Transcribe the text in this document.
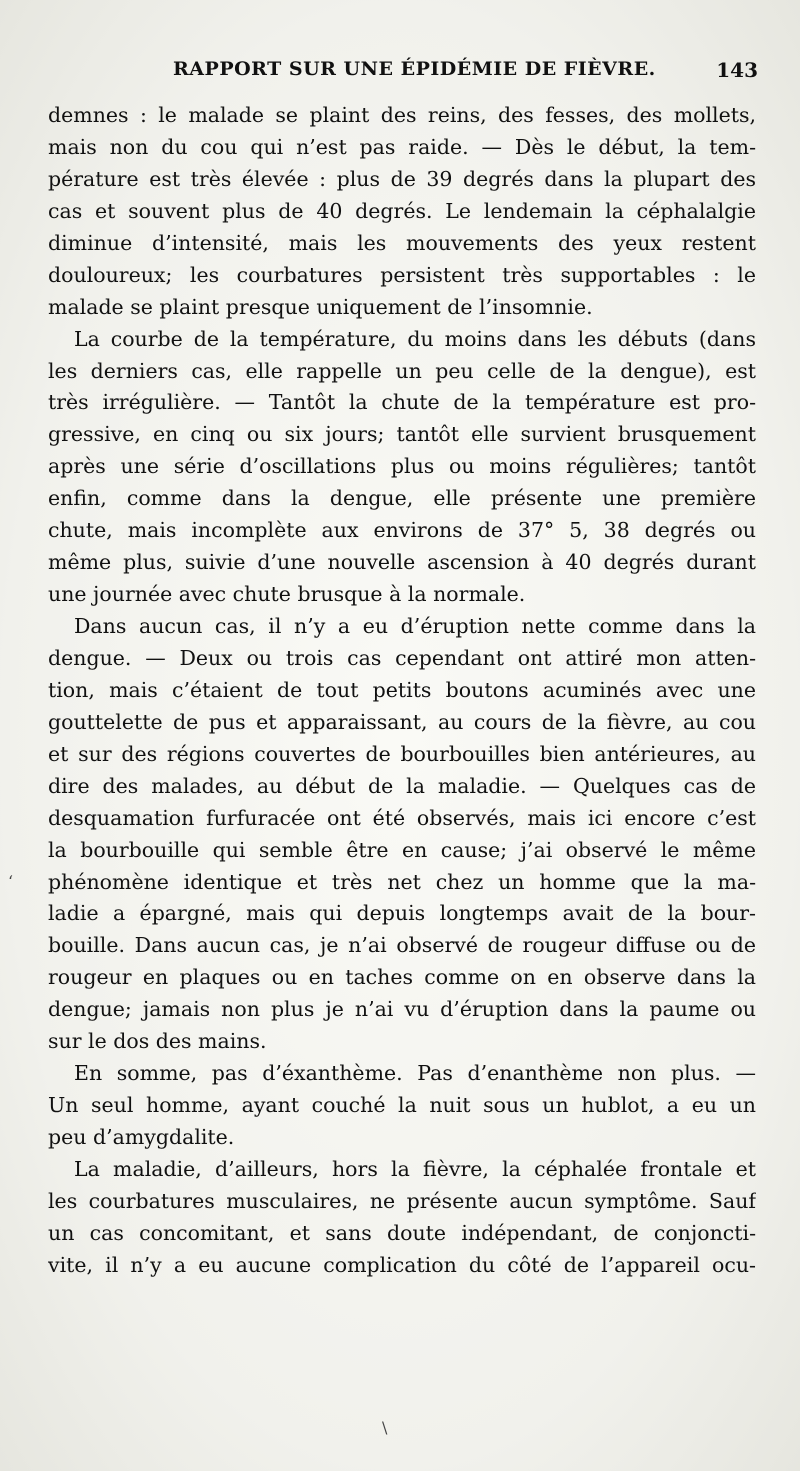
RAPPORT SUR UNE ÉPIDÉMIE DE FIÈVRE.	143
demnes : le malade se plaint des reins, des fesses, des mollets,
mais non du cou qui n’est pas raide. — Dès le début, la tem-
pérature est très élevée : plus de 39 degrés dans la plupart des
cas et souvent plus de 40 degrés. Le lendemain la céphalalgie
diminue d’intensité, mais les mouvements des yeux restent
douloureux; les courbatures persistent très supportables : le
malade se plaint presque uniquement de l’insomnie.
La courbe de la température, du moins dans les débuts (dans
les derniers cas, elle rappelle un peu celle de la dengue), est
très irrégulière. — Tantôt la chute de la température est pro-
gressive, en cinq ou six jours; tantôt elle survient brusquement
après une série d’oscillations plus ou moins régulières; tantôt
enfin, comme dans la dengue, elle présente une première
chute, mais incomplète aux environs de 37° 5, 38 degrés ou
même plus, suivie d’une nouvelle ascension à 40 degrés durant
une journée avec chute brusque à la normale.
Dans aucun cas, il n’y a eu d’éruption nette comme dans la
dengue. — Deux ou trois cas cependant ont attiré mon atten-
tion, mais c’étaient de tout petits boutons acuminés avec une
gouttelette de pus et apparaissant, au cours de la fièvre, au cou
et sur des régions couvertes de bourbouilles bien antérieures, au
dire des malades, au début de la maladie. — Quelques cas de
desquamation furfuracée ont été observés, mais ici encore c’est
la bourbouille qui semble être en cause; j’ai observé le même
phénomène identique et très net chez un homme que la ma-
ladie a épargné, mais qui depuis longtemps avait de la bour-
bouille. Dans aucun cas, je n’ai observé de rougeur diffuse ou de
rougeur en plaques ou en taches comme on en observe dans la
dengue; jamais non plus je n’ai vu d’éruption dans la paume ou
sur le dos des mains.
En somme, pas d’éxanthème. Pas d’enanthème non plus. —
Un seul homme, ayant couché la nuit sous un hublot, a eu un
peu d’amygdalite.
La maladie, d’ailleurs, hors la fièvre, la céphalée frontale et
les courbatures musculaires, ne présente aucun symptôme. Sauf
un cas concomitant, et sans doute indépendant, de conjoncti-
vite, il n’y a eu aucune complication du côté de l’appareil ocu-
‘
\
